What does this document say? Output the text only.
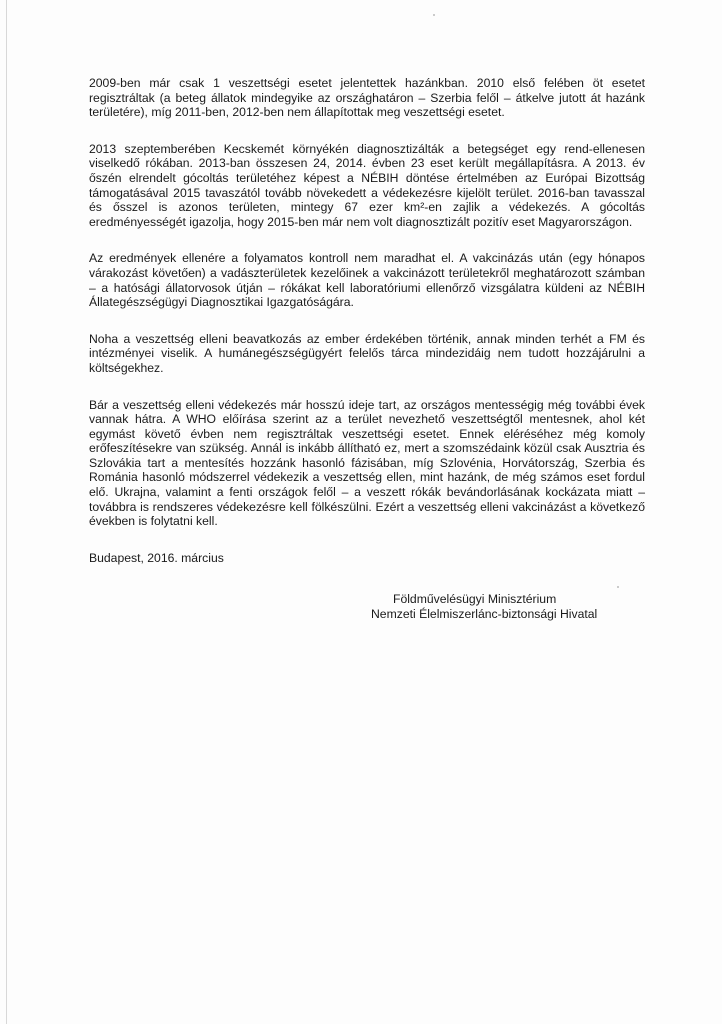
2009-ben már csak 1 veszettségi esetet jelentettek hazánkban. 2010 első felében öt esetet regisztráltak (a beteg állatok mindegyike az országhatáron – Szerbia felől – átkelve jutott át hazánk területére), míg 2011-ben, 2012-ben nem állapítottak meg veszettségi esetet.

2013 szeptemberében Kecskemét környékén diagnosztizálták a betegséget egy rend-ellenesen viselkedő rókában. 2013-ban összesen 24, 2014. évben 23 eset került megállapításra. A 2013. év őszén elrendelt gócoltás területéhez képest a NÉBIH döntése értelmében az Európai Bizottság támogatásával 2015 tavaszától tovább növekedett a védekezésre kijelölt terület. 2016-ban tavasszal és ősszel is azonos területen, mintegy 67 ezer km²-en zajlik a védekezés. A gócoltás eredményességét igazolja, hogy 2015-ben már nem volt diagnosztizált pozitív eset Magyarországon.

Az eredmények ellenére a folyamatos kontroll nem maradhat el. A vakcinázás után (egy hónapos várakozást követően) a vadászterületek kezelőinek a vakcinázott területekről meghatározott számban – a hatósági állatorvosok útján – rókákat kell laboratóriumi ellenőrző vizsgálatra küldeni az NÉBIH Állategészségügyi Diagnosztikai Igazgatóságára.

Noha a veszettség elleni beavatkozás az ember érdekében történik, annak minden terhét a FM és intézményei viselik. A humánegészségügyért felelős tárca mindezidáig nem tudott hozzájárulni a költségekhez.

Bár a veszettség elleni védekezés már hosszú ideje tart, az országos mentességig még további évek vannak hátra. A WHO előírása szerint az a terület nevezhető veszettségtől mentesnek, ahol két egymást követő évben nem regisztráltak veszettségi esetet. Ennek eléréséhez még komoly erőfeszítésekre van szükség. Annál is inkább állítható ez, mert a szomszédaink közül csak Ausztria és Szlovákia tart a mentesítés hozzánk hasonló fázisában, míg Szlovénia, Horvátország, Szerbia és Románia hasonló módszerrel védekezik a veszettség ellen, mint hazánk, de még számos eset fordul elő. Ukrajna, valamint a fenti országok felől – a veszett rókák bevándorlásának kockázata miatt – továbbra is rendszeres védekezésre kell fölkészülni. Ezért a veszettség elleni vakcinázást a következő években is folytatni kell.

Budapest, 2016. március

Földművelésügyi Minisztérium
Nemzeti Élelmiszerlánc-biztonsági Hivatal
